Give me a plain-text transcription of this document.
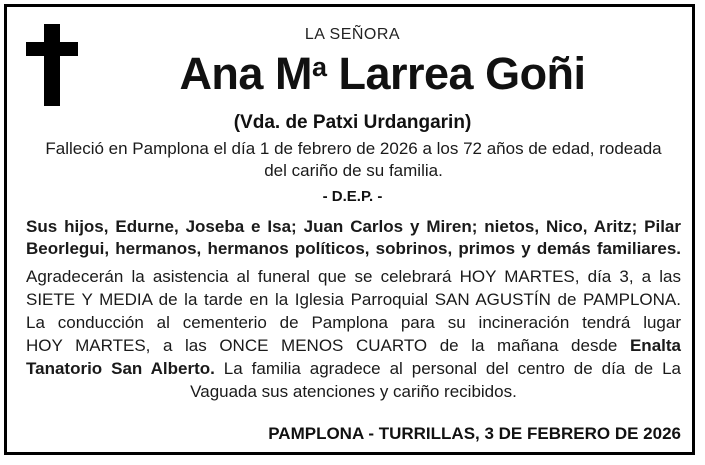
LA SEÑORA
Ana $M^a$ Larrea Goñi
(Vda. de Patxi Urdangarin)
Falleció en Pamplona el día 1 de febrero de 2026 a los 72 años de edad, rodeada
del cariño de su familia.
- D.E.P. -
Sus hijos, Edurne, Joseba e Isa; Juan Carlos y Miren; nietos, Nico, Aritz; Pilar
Beorlegui, hermanos, hermanos políticos, sobrinos, primos y demás familiares.
Agradecerán la asistencia al funeral que se celebrará HOY MARTES, día 3, a las
SIETE Y MEDIA de la tarde en la Iglesia Parroquial SAN AGUSTÍN de PAMPLONA.
La conducción al cementerio de Pamplona para su incineración tendrá lugar
HOY MARTES, a las ONCE MENOS CUARTO de la mañana desde Enalta
Tanatorio San Alberto. La familia agradece al personal del centro de día de La
Vaguada sus atenciones y cariño recibidos.
PAMPLONA - TURRILLAS, 3 DE FEBRERO DE 2026
